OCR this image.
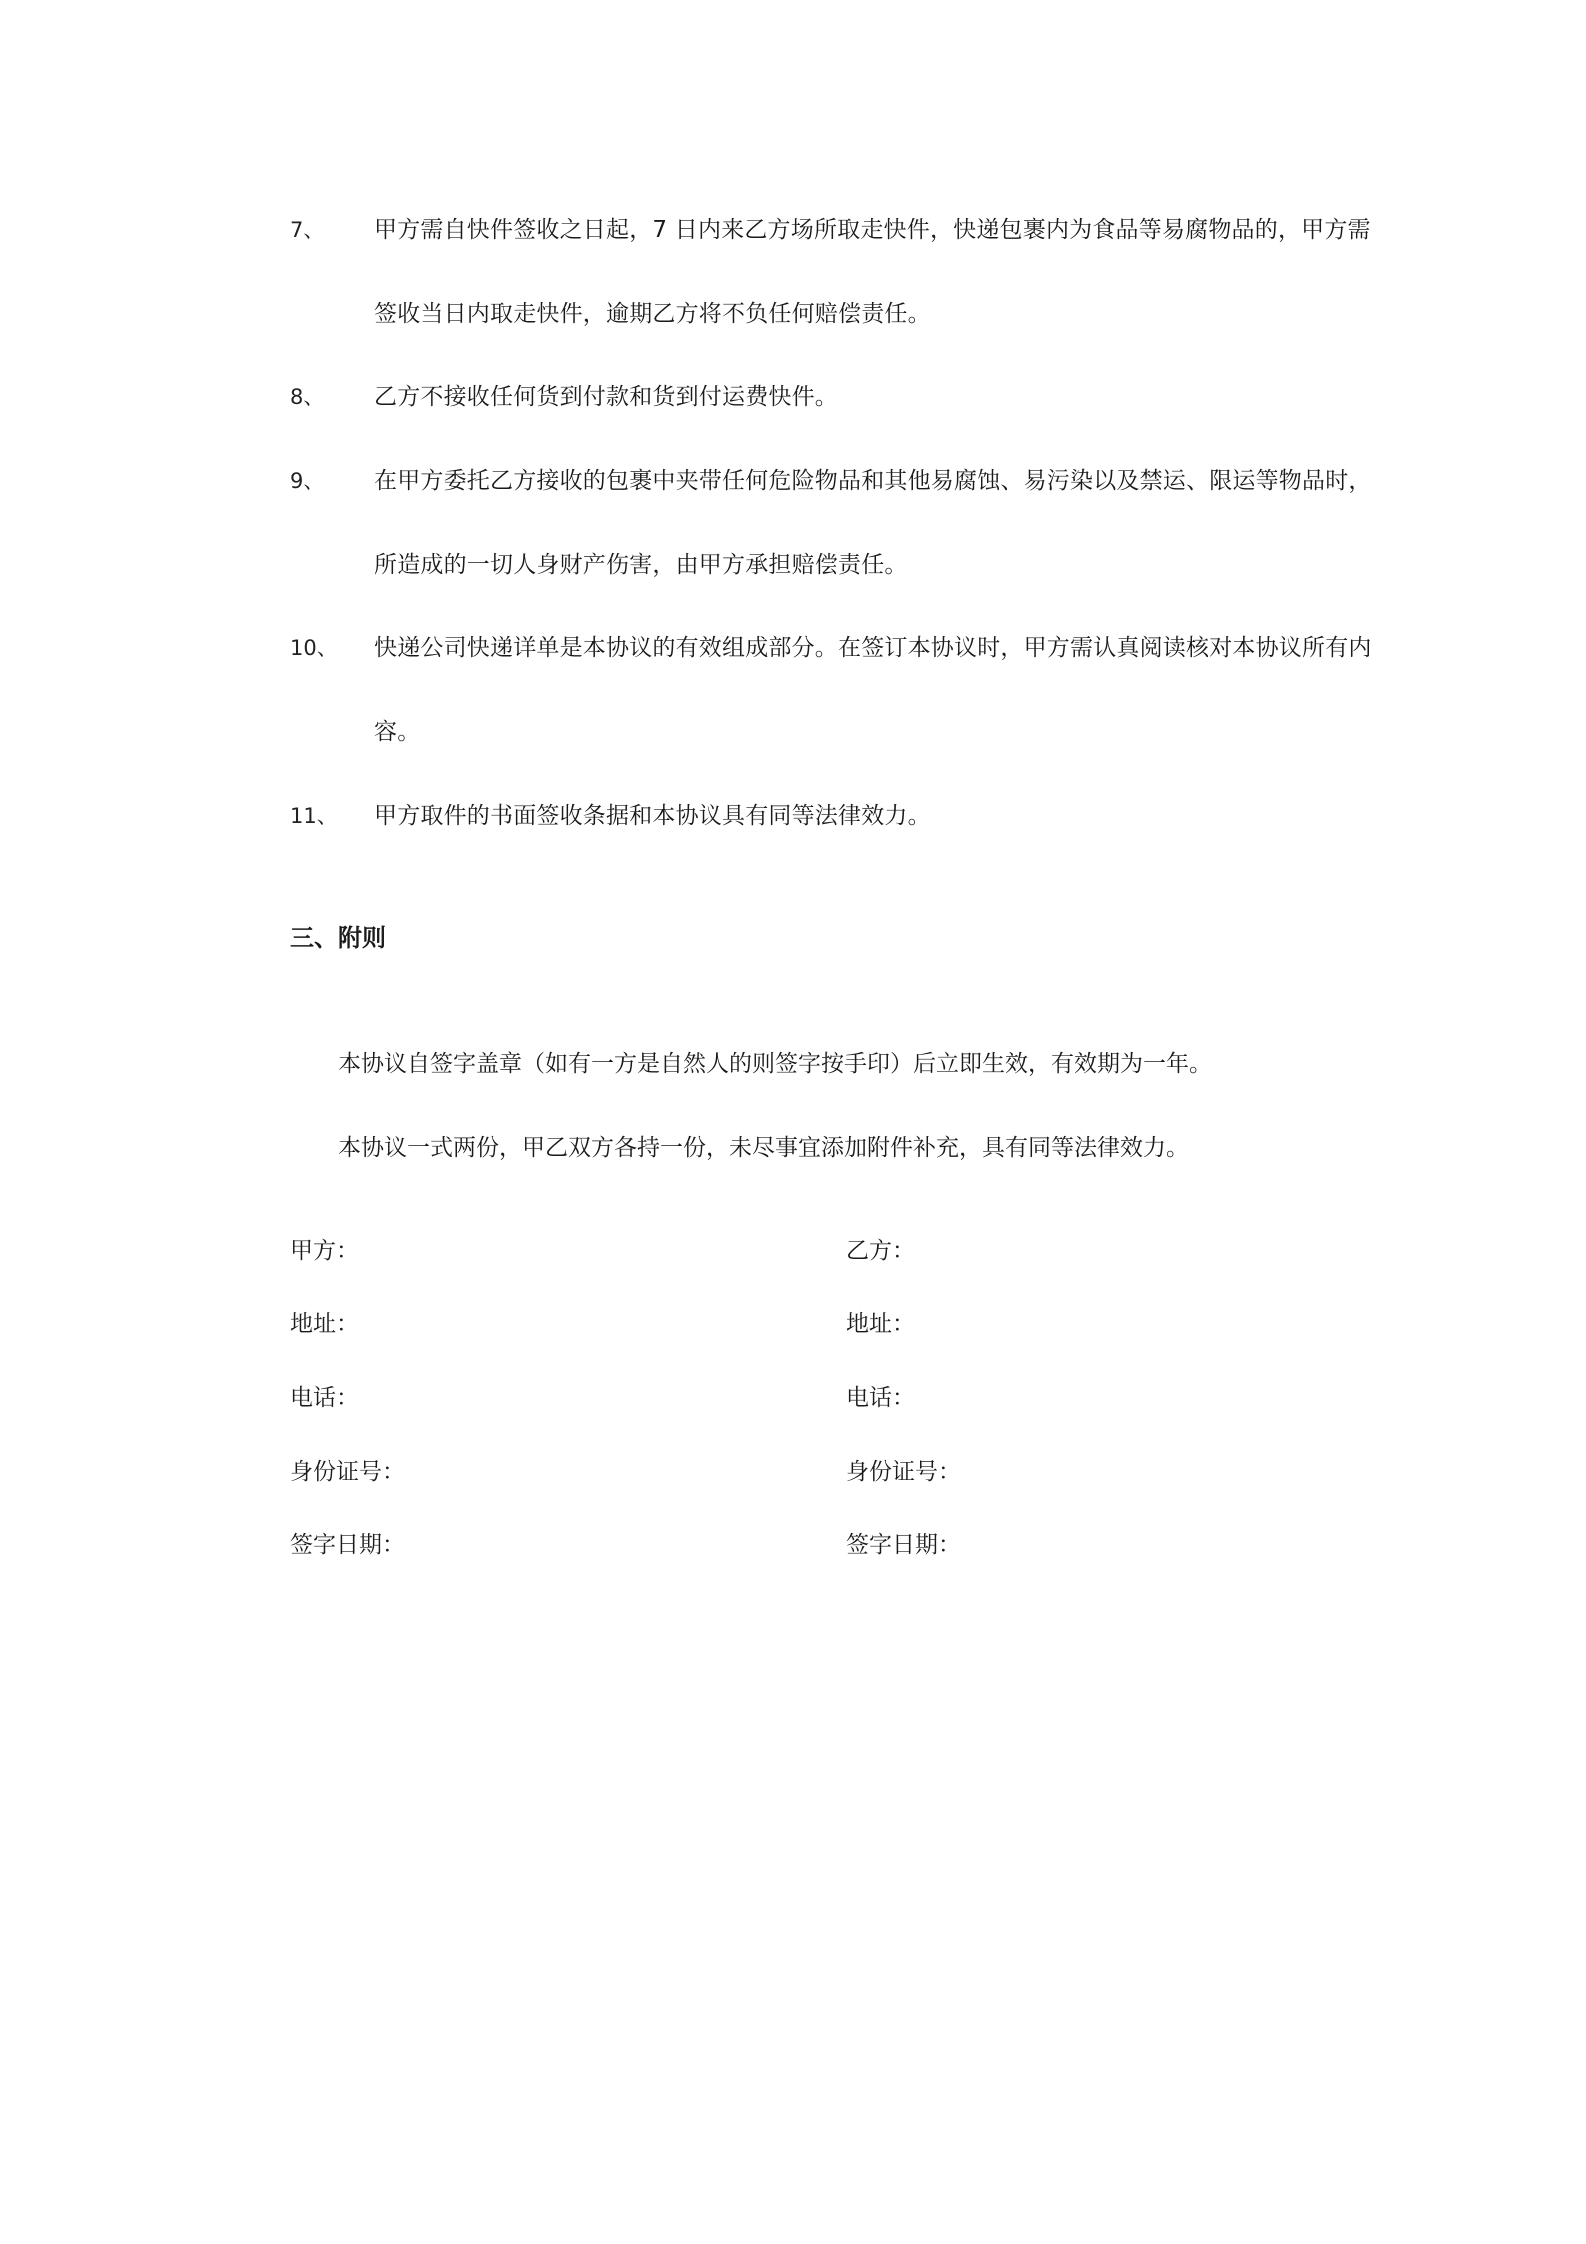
7、 甲方需自快件签收之日起，7 日内来乙方场所取走快件，快递包裹内为食品等易腐物品的，甲方需签收当日内取走快件，逾期乙方将不负任何赔偿责任。
8、 乙方不接收任何货到付款和货到付运费快件。
9、 在甲方委托乙方接收的包裹中夹带任何危险物品和其他易腐蚀、易污染以及禁运、限运等物品时，所造成的一切人身财产伤害，由甲方承担赔偿责任。
10、 快递公司快递详单是本协议的有效组成部分。在签订本协议时，甲方需认真阅读核对本协议所有内容。
11、 甲方取件的书面签收条据和本协议具有同等法律效力。
三、附则
本协议自签字盖章（如有一方是自然人的则签字按手印）后立即生效，有效期为一年。
本协议一式两份，甲乙双方各持一份，未尽事宜添加附件补充，具有同等法律效力。
甲方：	乙方：
地址：	地址：
电话：	电话：
身份证号：	身份证号：
签字日期：	签字日期：
